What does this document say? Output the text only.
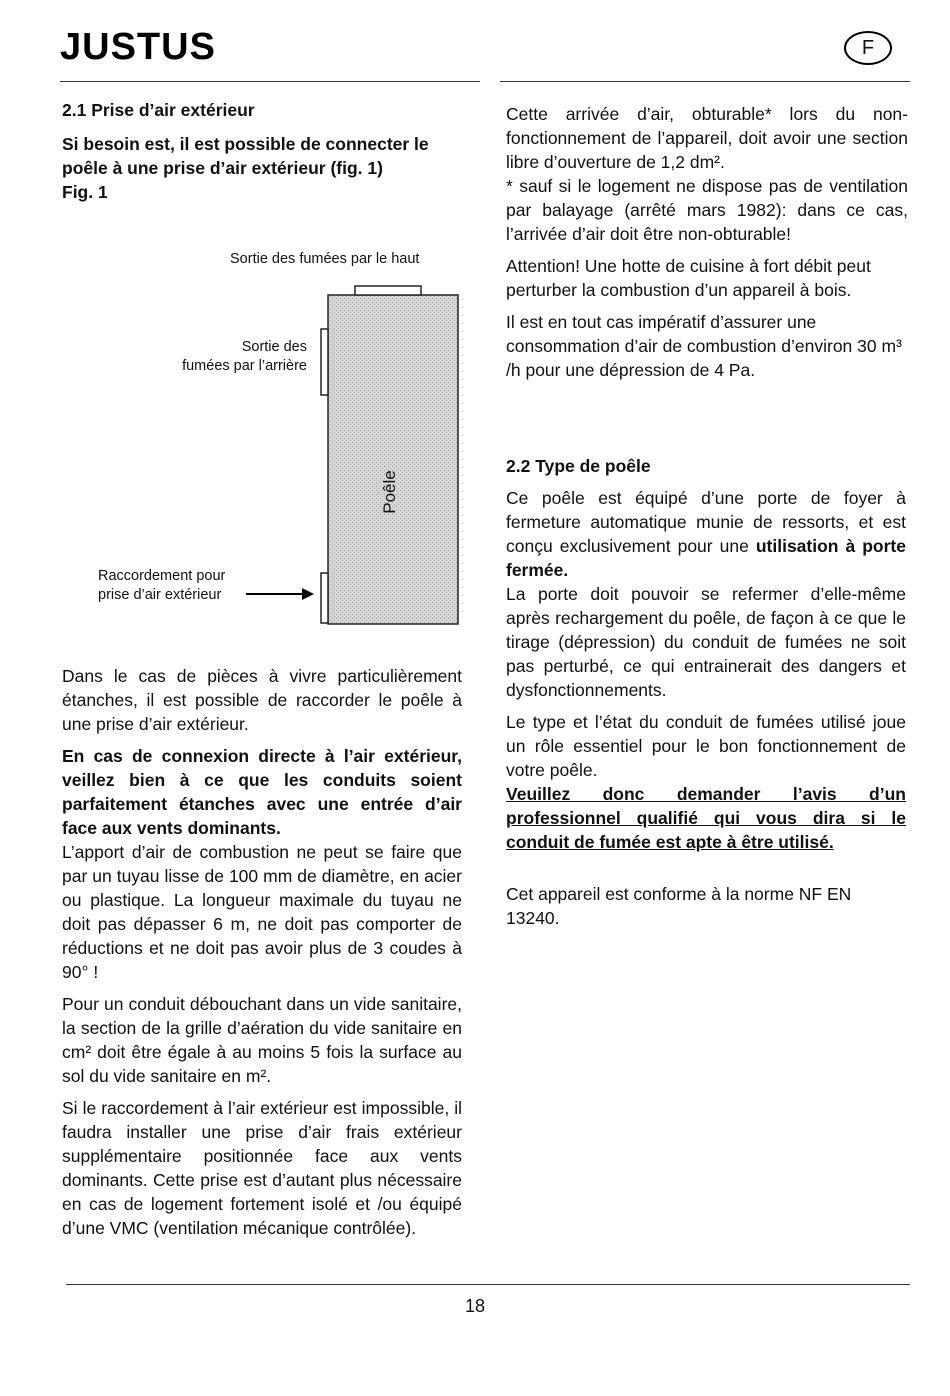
JUSTUS	F
2.1 Prise d’air extérieur
Si besoin est, il est possible de connecter le poêle à une prise d’air extérieur (fig. 1)
Fig. 1
Sortie des fumées par le haut
Sortie des
fumées par l’arrière
Raccordement pour
prise d’air extérieur
Poêle

Dans le cas de pièces à vivre particulièrement étanches, il est possible de raccorder le poêle à une prise d’air extérieur.

En cas de connexion directe à l’air extérieur, veillez bien à ce que les conduits soient parfaitement étanches avec une entrée d’air face aux vents dominants.

L’apport d’air de combustion ne peut se faire que par un tuyau lisse de 100 mm de diamètre, en acier ou plastique. La longueur maximale du tuyau ne doit pas dépasser 6 m, ne doit pas comporter de réductions et ne doit pas avoir plus de 3 coudes à 90° !

Pour un conduit débouchant dans un vide sanitaire, la section de la grille d’aération du vide sanitaire en cm² doit être égale à au moins 5 fois la surface au sol du vide sanitaire en m².

Si le raccordement à l’air extérieur est impossible, il faudra installer une prise d’air frais extérieur supplémentaire positionnée face aux vents dominants. Cette prise est d’autant plus nécessaire en cas de logement fortement isolé et /ou équipé d’une VMC (ventilation mécanique contrôlée).

Cette arrivée d’air, obturable* lors du non-fonctionnement de l’appareil, doit avoir une section libre d’ouverture de 1,2 dm².

* sauf si le logement ne dispose pas de ventilation par balayage (arrêté mars 1982): dans ce cas, l’arrivée d’air doit être non-obturable!

Attention! Une hotte de cuisine à fort débit peut perturber la combustion d’un appareil à bois.

Il est en tout cas impératif d’assurer une consommation d’air de combustion d’environ 30 m³ /h pour une dépression de 4 Pa.

2.2 Type de poêle
Ce poêle est équipé d’une porte de foyer à fermeture automatique munie de ressorts, et est conçu exclusivement pour une utilisation à porte fermée.

La porte doit pouvoir se refermer d’elle-même après rechargement du poêle, de façon à ce que le tirage (dépression) du conduit de fumées ne soit pas perturbé, ce qui entrainerait des dangers et dysfonctionnements.

Le type et l’état du conduit de fumées utilisé joue un rôle essentiel pour le bon fonctionnement de votre poêle.
Veuillez donc demander l’avis d’un professionnel qualifié qui vous dira si le conduit de fumée est apte à être utilisé.

Cet appareil est conforme à la norme NF EN 13240.

18
